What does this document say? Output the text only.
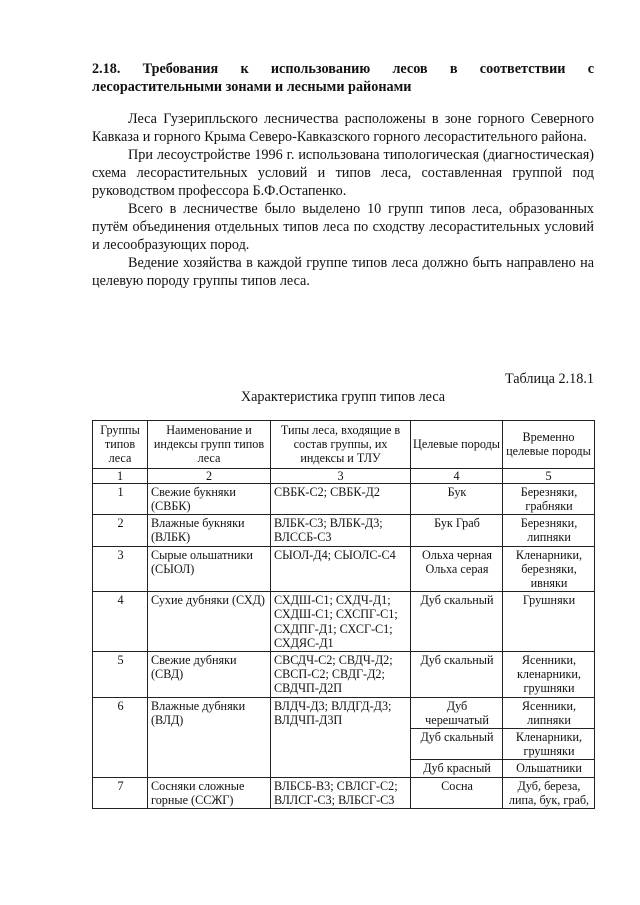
2.18. Требования к использованию лесов в соответствии с лесорастительными зонами и лесными районами

Леса Гузерипльского лесничества расположены в зоне горного Северного Кавказа и горного Крыма Северо-Кавказского горного лесорастительного района.

При лесоустройстве 1996 г. использована типологическая (диагностическая) схема лесорастительных условий и типов леса, составленная группой под руководством профессора Б.Ф.Остапенко.

Всего в лесничестве было выделено 10 групп типов леса, образованных путём объединения отдельных типов леса по сходству лесорастительных условий и лесообразующих пород.

Ведение хозяйства в каждой группе типов леса должно быть направлено на целевую породу группы типов леса.

Таблица 2.18.1
Характеристика групп типов леса
Группы типов леса	Наименование и индексы групп типов леса	Типы леса, входящие в состав группы, их индексы и ТЛУ	Целевые породы	Временно целевые породы
1	2	3	4	5
1	Свежие букняки (СВБК)	СВБК-С2; СВБК-Д2	Бук	Березняки, грабняки
2	Влажные букняки (ВЛБК)	ВЛБК-С3; ВЛБК-Д3; ВЛССБ-С3	Бук Граб	Березняки, липняки
3	Сырые ольшатники (СЫОЛ)	СЫОЛ-Д4; СЫОЛС-С4	Ольха черная Ольха серая	Кленарники, березняки, ивняки
4	Сухие дубняки (СХД)	СХДШ-С1; СХДЧ-Д1; СХДШ-С1; СХСПГ-С1; СХДПГ-Д1; СХСГ-С1; СХДЯС-Д1	Дуб скальный	Грушняки
5	Свежие дубняки (СВД)	СВСДЧ-С2; СВДЧ-Д2; СВСП-С2; СВДГ-Д2; СВДЧП-Д2П	Дуб скальный	Ясенники, кленарники, грушняки
6	Влажные дубняки (ВЛД)	ВЛДЧ-Д3; ВЛДГД-Д3; ВЛДЧП-Д3П	Дуб черешчатый	Ясенники, липняки
			Дуб скальный	Кленарники, грушняки
			Дуб красный	Ольшатники
7	Сосняки сложные горные (ССЖГ)	ВЛБСБ-В3; СВЛСГ-С2; ВЛЛСГ-С3; ВЛБСГ-С3	Сосна	Дуб, береза, липа, бук, граб,
